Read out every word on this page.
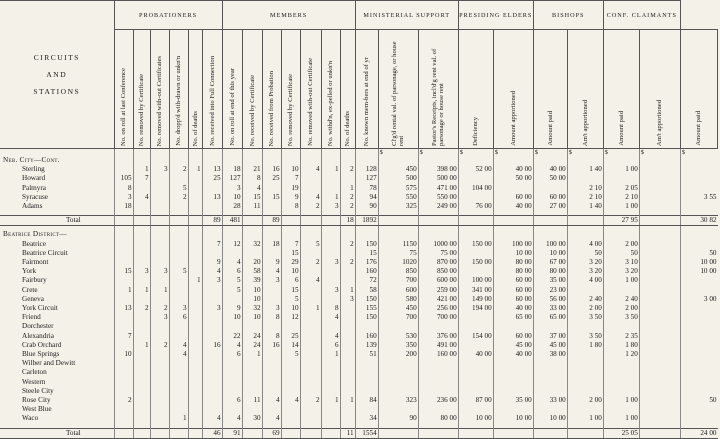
CIRCUITS
AND
STATIONS	PROBATIONERS						MEMBERS							MINISTERIAL SUPPORT			PRESIDING ELDERS		BISHOPS		CONF. CLAIMANTS		

	No. on roll at last Conference	No. removed by Certificate	No. removed with-out Certificates	No. dropp'd with-drawn or unkn'n	No. of deaths	No. received into Full Connection	No. on roll at end of this year	No. received by Certificate	No. received from Probation	No. removed by Certificate	No. removed with-out Certificate	No. withd'n, ex-pelled or unkn'n	No. of deaths	No. known mem-bers at end of yr	Cl'g'd rental val. of parsonage, or house rent	Pastor's Receipts, incl'd'g rent val. of parsonage or house rent	Deficiency	Amount apportioned	Amount paid	Am't apportioned	Amount paid	Am't apportioned	Amount paid

															$	$	$	$	$	$	$	$	$
Neb. City—Cont.																							
Sterling		1	3	2	1	13	18	21	16	10	4	1	2	128	450	398 00	52 00	40 00	40 00	1 40	1 00		
Howard	105	7				25	127	8	25	7				127	500	500 00		50 00	50 00				
Palmyra	8			5			3	4		19			1	78	575	471 00	104 00			2 10	2 05		
Syracuse	3	4		2		13	10	15	15	9	4	1	2	94	550	550 00		60 00	60 00	2 10	2 10		3 55
Adams	18						28	11		8	2	3	2	90	325	249 00	76 00	40 00	27 00	1 40	1 00		

Total						89	481		89				18	1892							27 95		30 82

Beatrice District—																							
Beatrice						7	12	32	18	7	5		2	150	1150	1000 00	150 00	100 00	100 00	4 00	2 00		
Beatrice Circuit										15				15	75	75 00		10 00	10 00	50	50		50
Fairmont						9	4	20	9	29	2	3	2	176	1020	870 00	150 00	80 00	67 00	3 20	3 10		10 00
York	15	3	3	5		4	6	58	4	10				160	850	850 00		80 00	80 00	3 20	3 20		10 00
Fairbury					1	3	5	39	3	6	4			72	700	600 00	100 00	60 00	35 00	4 00	1 00		
Crete	1	1	1				5	10		15		3	1	58	600	259 00	341 00	60 00	23 00				
Geneva								10		5			3	150	580	421 00	149 00	60 00	56 00	2 40	2 40		3 00
York Circuit	13	2	2	3		3	9	32	3	10	1	8		155	450	256 00	194 00	40 00	33 00	2 00	2 00		
Friend			3	6			10	10	8	12		4		150	700	700 00		65 00	65 00	3 50	3 50		
Dorchester																							
Alexandria	7						22	24	8	25		4		160	530	376 00	154 00	60 00	37 00	3 50	2 35		
Crab Orchard		1	2	4		16	4	24	16	14		6		139	350	491 00		45 00	45 00	1 80	1 80		
Blue Springs	10			4			6	1		5		1		51	200	160 00	40 00	40 00	38 00		1 20		
Wilber and Dewitt																							
Carleton																							
Western																							
Steele City																							
Rose City	2						6	11	4	4	2	1	1	84	323	236 00	87 00	35 00	33 00	2 00	1 00		50
West Blue																							
Waco				1		4	4	30	4					34	90	80 00	10 00	10 00	10 00	1 00	1 00		

Total						46	91		69				11	1554							25 05		24 00
